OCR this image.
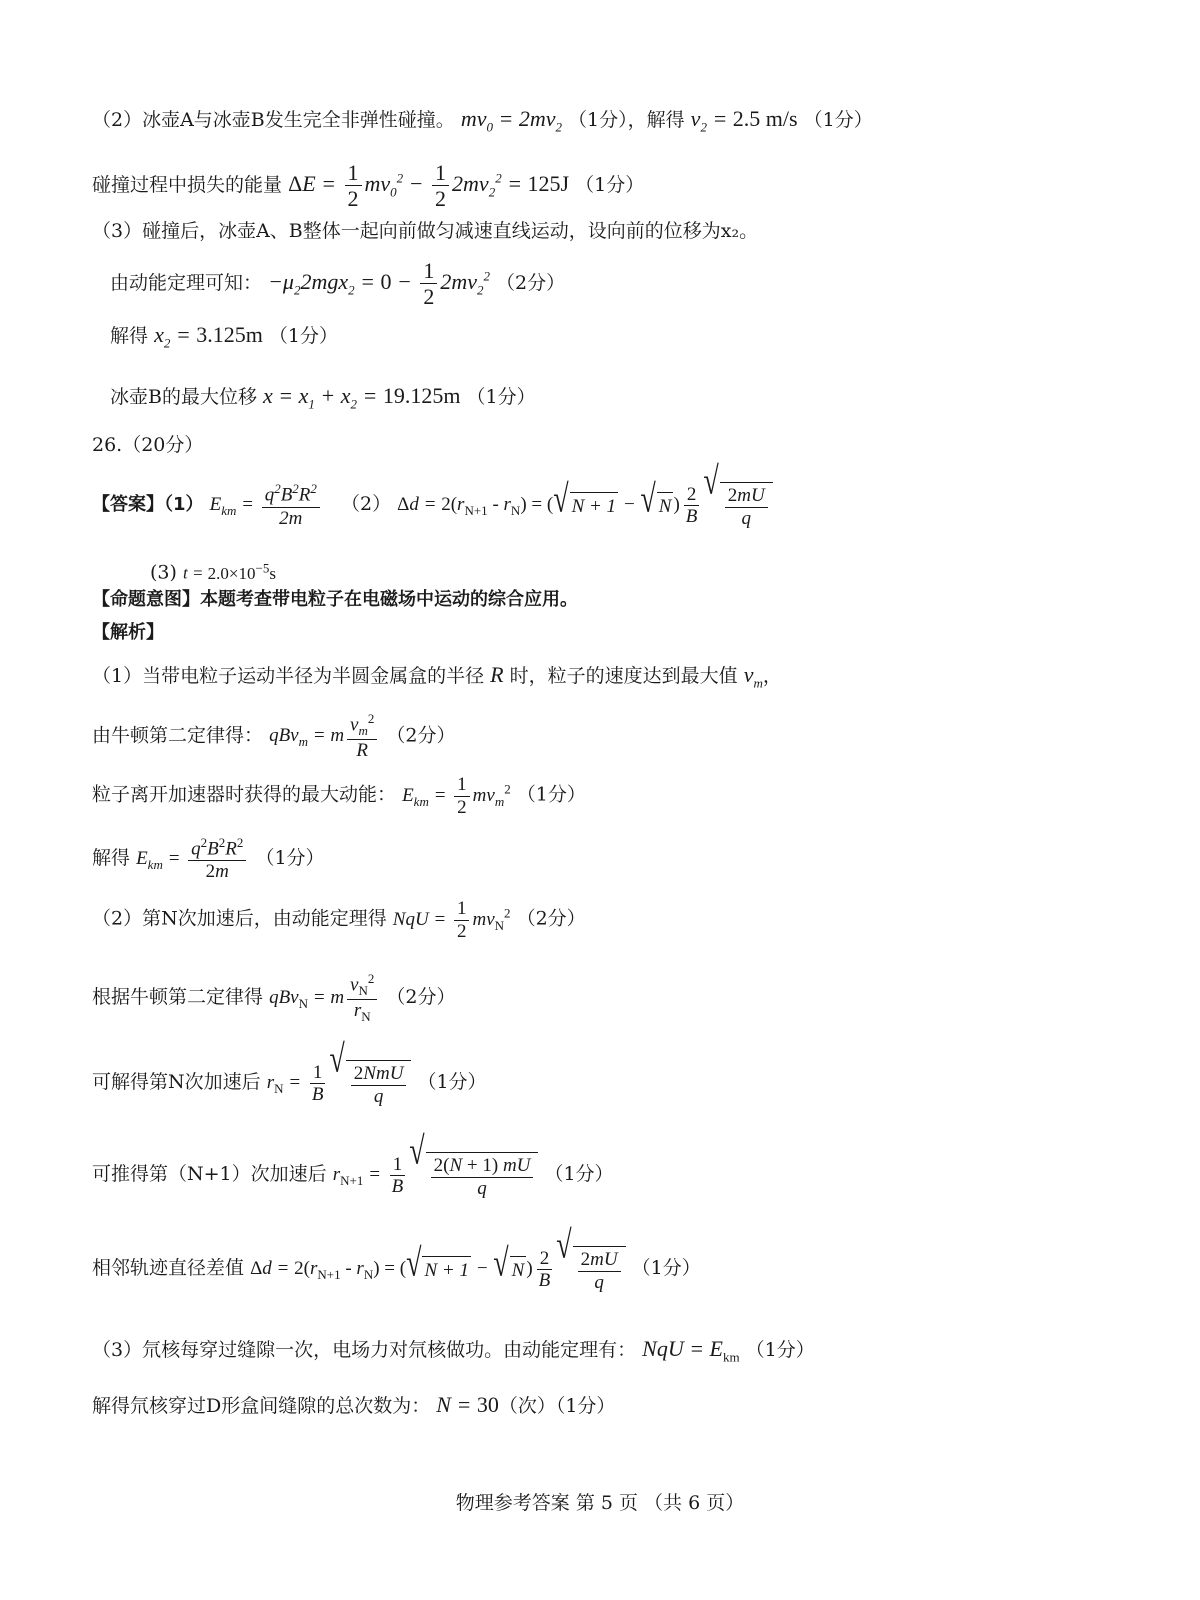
（2）冰壶A与冰壶B发生完全非弹性碰撞。 $mv_0 = 2mv_2$ （1分），解得 $v_2 = 2.5$ m/s （1分）
碰撞过程中损失的能量 $\Delta E = \frac{1}{2} mv_0^2 - \frac{1}{2} 2mv_2^2 = 125J$ （1分）
（3）碰撞后，冰壶A、B整体一起向前做匀减速直线运动，设向前的位移为x₂。
由动能定理可知： $-\mu_22mgx_2 = 0 - \frac{1}{2} 2mv_2^2$ （2分）
解得 $x_2 = 3.125m$ （1分）
冰壶B的最大位移 $x = x_1 + x_2 = 19.125m$ （1分）
26.（20分）
【答案】（1） $E_{km} = \frac{q^2B^2R^2}{2m} (2) \Delta d = 2(r_{N+1} - r_N)$ = ( √ N + 1 − √ N ) $\frac{2}{B}$
√
$\frac{2mU}{q}$
(3) $t = 2.0\times 10^{-5}s$
【命题意图】本题考查带电粒子在电磁场中运动的综合应用。
【解析】
（1）当带电粒子运动半径为半圆金属盒的半径 R 时，粒子的速度达到最大值 $v_m$，
由牛顿第二定律得： qBv$_m$ = m $\frac{v_m^2}{R} (2$分）
粒子离开加速器时获得的最大动能： $E_{km} = \frac{1}{2} mv_m^2$ （1分）
解得 $E_{km} = \frac{q^2B^2R^2}{2m} (1$分）
（2）第N次加速后，由动能定理得 NqU = $\frac{1}{2} mv_N^2$ （2分）
根据牛顿第二定律得 qBv$_N$ = m $\frac{v_N^2}{r_N} (2$分）
可解得第N次加速后 $r_N = \frac{1}{B}$
√
$\frac{\text{2NmU}}{q} (1$分）
可推得第（N+1）次加速后 $r_{N+1} = \frac{1}{B}$
√
$\frac{2(N + 1) mU}{q} (1$分）
相邻轨迹直径差值 $\Delta d = 2(r_{N+1} - r_N)$ = ( √ N + 1 − √ N ) $\frac{2}{B}$
√
$\frac{2mU}{q} (1$分）
（3）氘核每穿过缝隙一次，电场力对氘核做功。由动能定理有： NqU = $E_{km}$ （1分）
解得氘核穿过D形盒间缝隙的总次数为： N = 30（次）（1分）
物理参考答案 第 5 页 （共 6 页）
